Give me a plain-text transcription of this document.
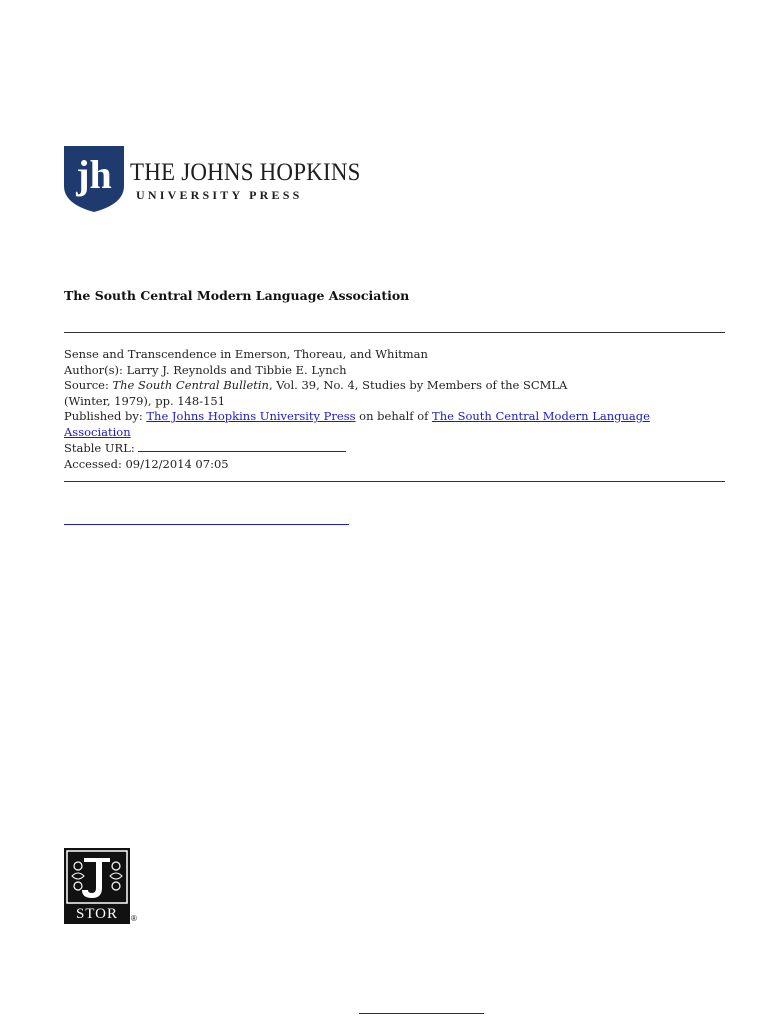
jh THE JOHNS HOPKINS
UNIVERSITY PRESS
The South Central Modern Language Association
Sense and Transcendence in Emerson, Thoreau, and Whitman
Author(s): Larry J. Reynolds and Tibbie E. Lynch
Source: The South Central Bulletin, Vol. 39, No. 4, Studies by Members of the SCMLA
(Winter, 1979), pp. 148-151
Published by: The Johns Hopkins University Press on behalf of The South Central Modern Language
Association
Stable URL:
Accessed: 09/12/2014 07:05
STOR	®
